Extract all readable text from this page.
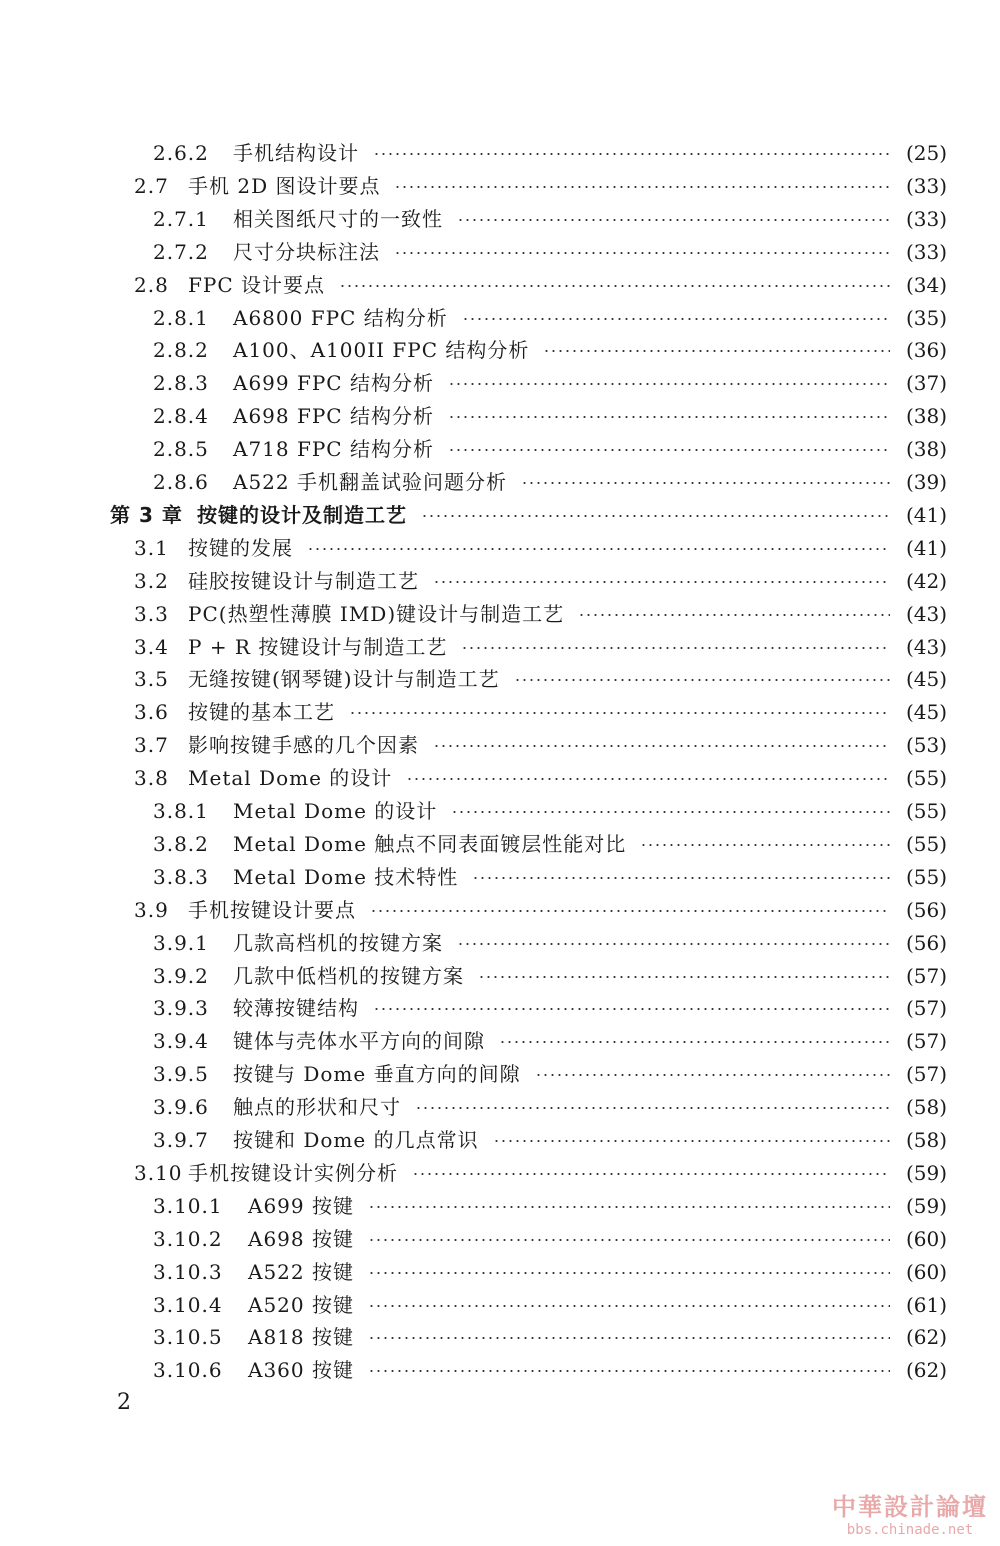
2.6.2 手机结构设计	(25)
2.7 手机 2D 图设计要点	(33)
2.7.1 相关图纸尺寸的一致性	(33)
2.7.2 尺寸分块标注法	(33)
2.8 FPC 设计要点	(34)
2.8.1 A6800 FPC 结构分析	(35)
2.8.2 A100、A100II FPC 结构分析	(36)
2.8.3 A699 FPC 结构分析	(37)
2.8.4 A698 FPC 结构分析	(38)
2.8.5 A718 FPC 结构分析	(38)
2.8.6 A522 手机翻盖试验问题分析	(39)
第 3 章 按键的设计及制造工艺	(41)
3.1 按键的发展	(41)
3.2 硅胶按键设计与制造工艺	(42)
3.3 PC(热塑性薄膜 IMD)键设计与制造工艺	(43)
3.4 P + R 按键设计与制造工艺	(43)
3.5 无缝按键(钢琴键)设计与制造工艺	(45)
3.6 按键的基本工艺	(45)
3.7 影响按键手感的几个因素	(53)
3.8 Metal Dome 的设计	(55)
3.8.1 Metal Dome 的设计	(55)
3.8.2 Metal Dome 触点不同表面镀层性能对比	(55)
3.8.3 Metal Dome 技术特性	(55)
3.9 手机按键设计要点	(56)
3.9.1 几款高档机的按键方案	(56)
3.9.2 几款中低档机的按键方案	(57)
3.9.3 较薄按键结构	(57)
3.9.4 键体与壳体水平方向的间隙	(57)
3.9.5 按键与 Dome 垂直方向的间隙	(57)
3.9.6 触点的形状和尺寸	(58)
3.9.7 按键和 Dome 的几点常识	(58)
3.10 手机按键设计实例分析	(59)
3.10.1 A699 按键	(59)
3.10.2 A698 按键	(60)
3.10.3 A522 按键	(60)
3.10.4 A520 按键	(61)
3.10.5 A818 按键	(62)
3.10.6 A360 按键	(62)
2
中華設計論壇
bbs.chinade.net
